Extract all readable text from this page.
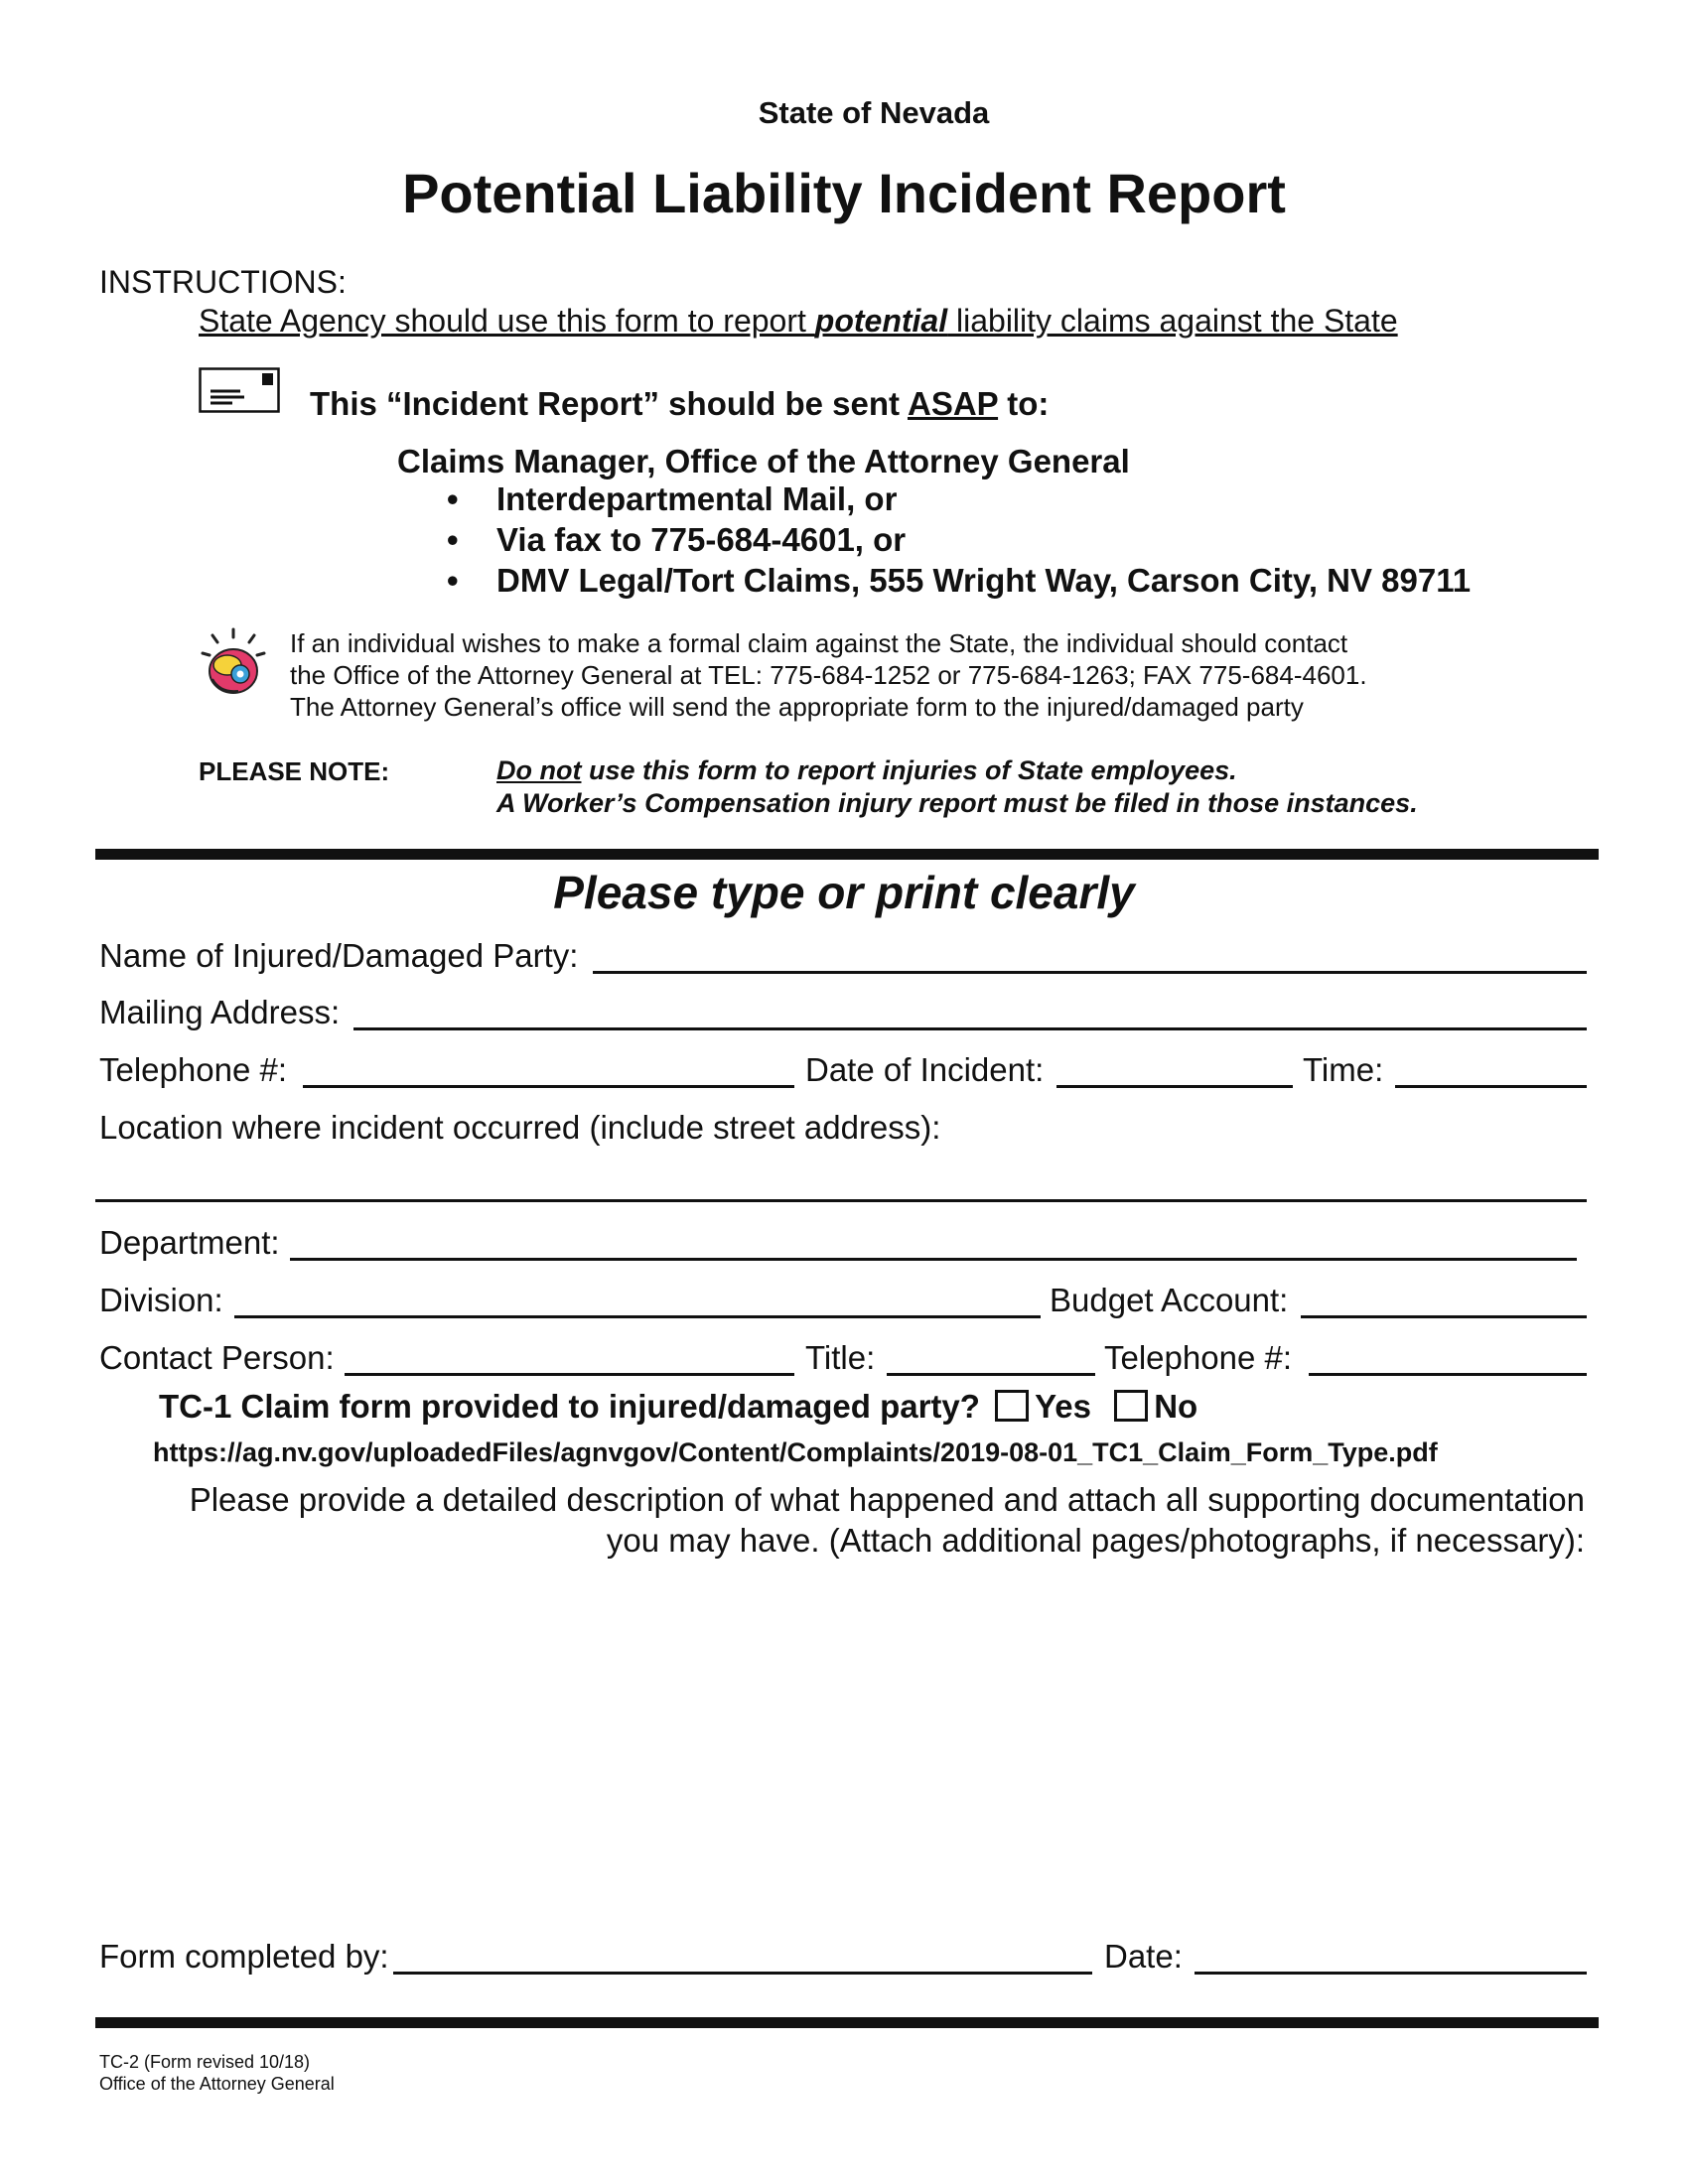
State of Nevada
Potential Liability Incident Report
INSTRUCTIONS:
State Agency should use this form to report potential liability claims against the State
This “Incident Report” should be sent ASAP to:
Claims Manager, Office of the Attorney General
• Interdepartmental Mail, or
• Via fax to 775-684-4601, or
• DMV Legal/Tort Claims, 555 Wright Way, Carson City, NV 89711
If an individual wishes to make a formal claim against the State, the individual should contact
the Office of the Attorney General at TEL: 775-684-1252 or 775-684-1263; FAX 775-684-4601.
The Attorney General’s office will send the appropriate form to the injured/damaged party
PLEASE NOTE:	Do not use this form to report injuries of State employees.
A Worker’s Compensation injury report must be filed in those instances.
Please type or print clearly
Name of Injured/Damaged Party:
Mailing Address:
Telephone #:	Date of Incident:	Time:
Location where incident occurred (include street address):
Department:
Division:	Budget Account:
Contact Person:	Title:	Telephone #:
TC-1 Claim form provided to injured/damaged party? Yes No
https://ag.nv.gov/uploadedFiles/agnvgov/Content/Complaints/2019-08-01_TC1_Claim_Form_Type.pdf
Please provide a detailed description of what happened and attach all supporting documentation
you may have. (Attach additional pages/photographs, if necessary):
Form completed by:	Date:
TC-2 (Form revised 10/18)
Office of the Attorney General
